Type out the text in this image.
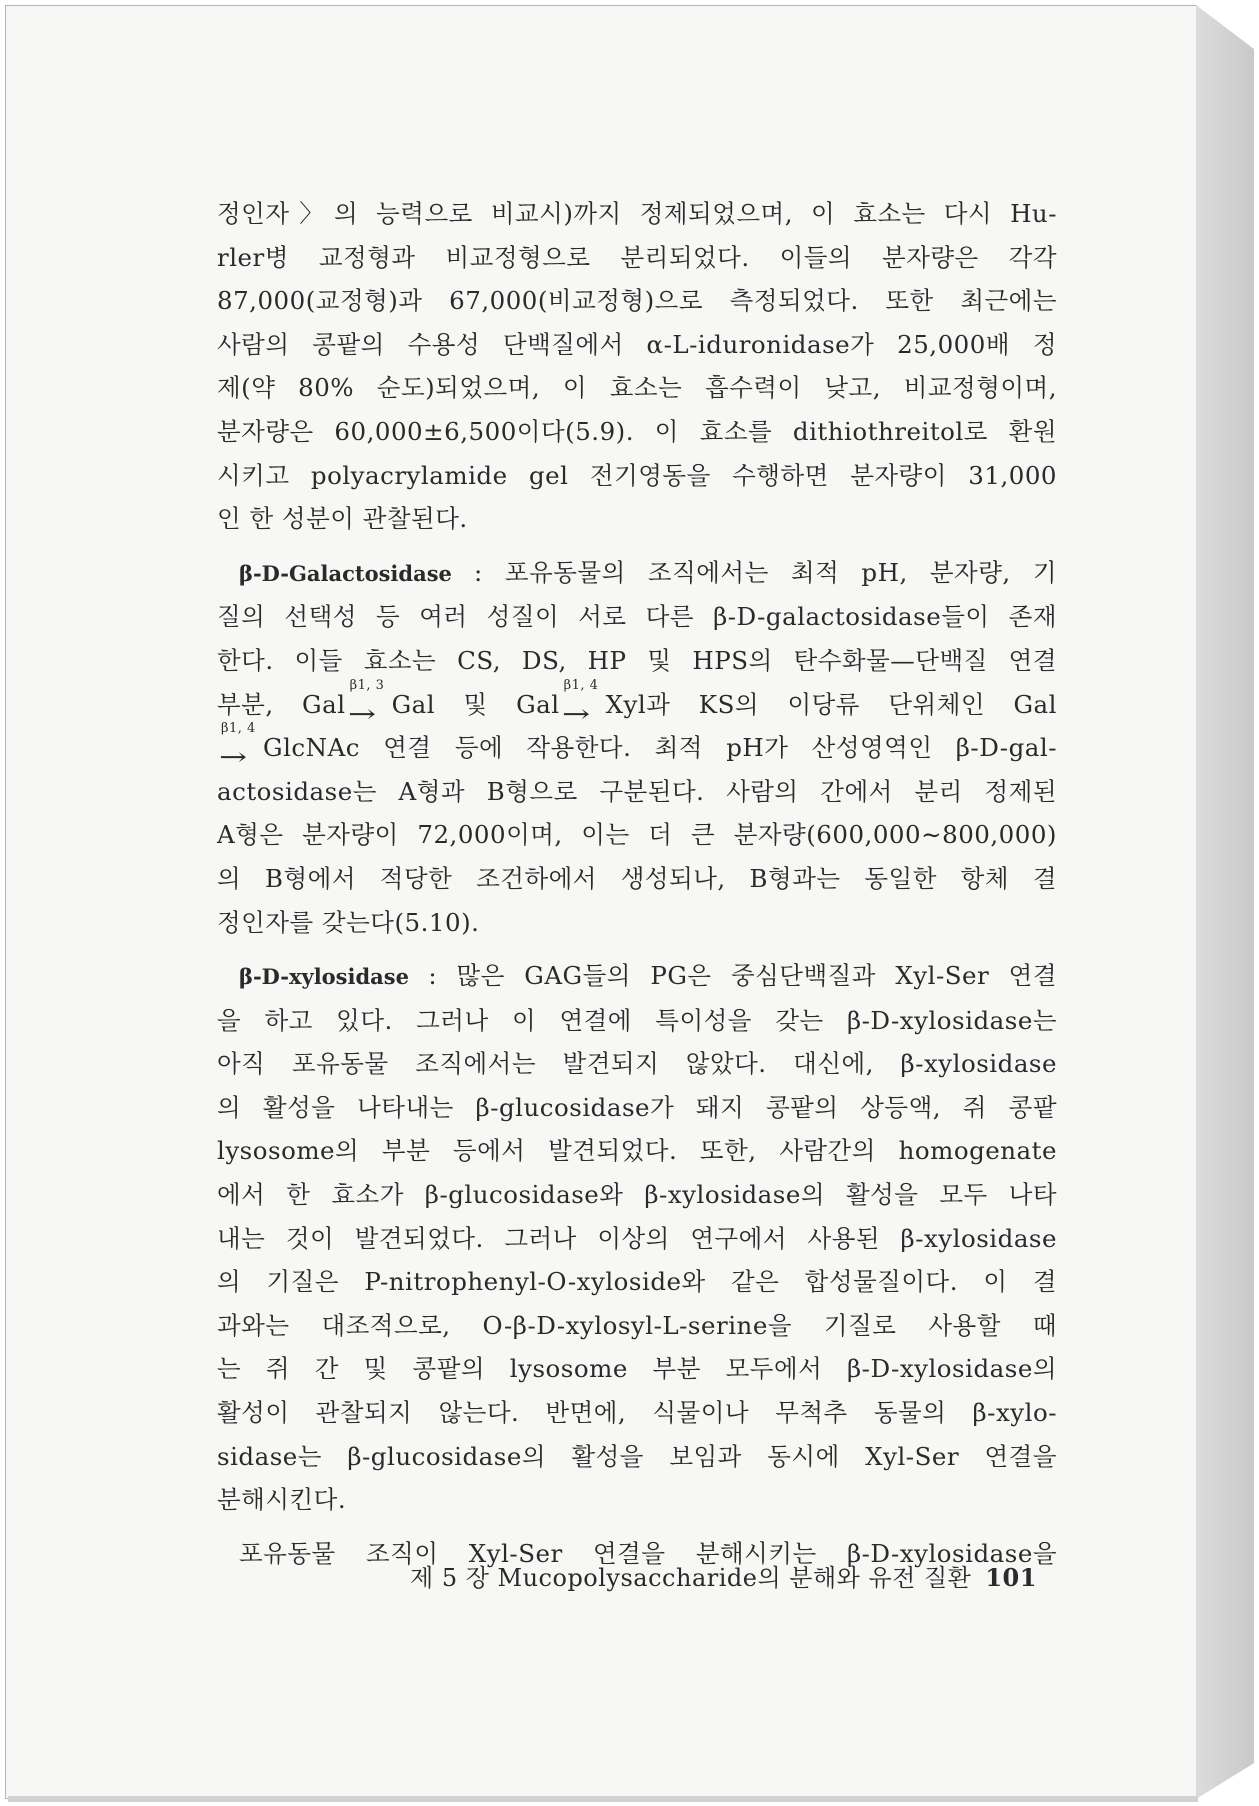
정인자〉의 능력으로 비교시)까지 정제되었으며, 이 효소는 다시 Hu-

rler병 교정형과 비교정형으로 분리되었다. 이들의 분자량은 각각

87,000(교정형)과 67,000(비교정형)으로 측정되었다. 또한 최근에는

사람의 콩팥의 수용성 단백질에서 α-L-iduronidase가 25,000배 정

제(약 80% 순도)되었으며, 이 효소는 흡수력이 낮고, 비교정형이며,

분자량은 60,000±6,500이다(5.9). 이 효소를 dithiothreitol로 환원

시키고 polyacrylamide gel 전기영동을 수행하면 분자량이 31,000

인 한 성분이 관찰된다.

β-D-Galactosidase : 포유동물의 조직에서는 최적 pH, 분자량, 기

질의 선택성 등 여러 성질이 서로 다른 β-D-galactosidase들이 존재

한다. 이들 효소는 CS, DS, HP 및 HPS의 탄수화물—단백질 연결

부분, Gal
β1, 3
→ Gal 및 Gal
β1, 4
→ Xyl과 KS의 이당류 단위체인 Gal

β1, 4
→ GlcNAc 연결 등에 작용한다. 최적 pH가 산성영역인 β-D-gal-

actosidase는 A형과 B형으로 구분된다. 사람의 간에서 분리 정제된

A형은 분자량이 72,000이며, 이는 더 큰 분자량(600,000∼800,000)

의 B형에서 적당한 조건하에서 생성되나, B형과는 동일한 항체 결

정인자를 갖는다(5.10).

β-D-xylosidase : 많은 GAG들의 PG은 중심단백질과 Xyl-Ser 연결

을 하고 있다. 그러나 이 연결에 특이성을 갖는 β-D-xylosidase는

아직 포유동물 조직에서는 발견되지 않았다. 대신에, β-xylosidase

의 활성을 나타내는 β-glucosidase가 돼지 콩팥의 상등액, 쥐 콩팥

lysosome의 부분 등에서 발견되었다. 또한, 사람간의 homogenate

에서 한 효소가 β-glucosidase와 β-xylosidase의 활성을 모두 나타

내는 것이 발견되었다. 그러나 이상의 연구에서 사용된 β-xylosidase

의 기질은 P-nitrophenyl-O-xyloside와 같은 합성물질이다. 이 결

과와는 대조적으로, O-β-D-xylosyl-L-serine을 기질로 사용할 때

는 쥐 간 및 콩팥의 lysosome 부분 모두에서 β-D-xylosidase의

활성이 관찰되지 않는다. 반면에, 식물이나 무척추 동물의 β-xylo-

sidase는 β-glucosidase의 활성을 보임과 동시에 Xyl-Ser 연결을

분해시킨다.

포유동물 조직이 Xyl-Ser 연결을 분해시키는 β-D-xylosidase을

제 5 장 Mucopolysaccharide의 분해와 유전 질환 101
